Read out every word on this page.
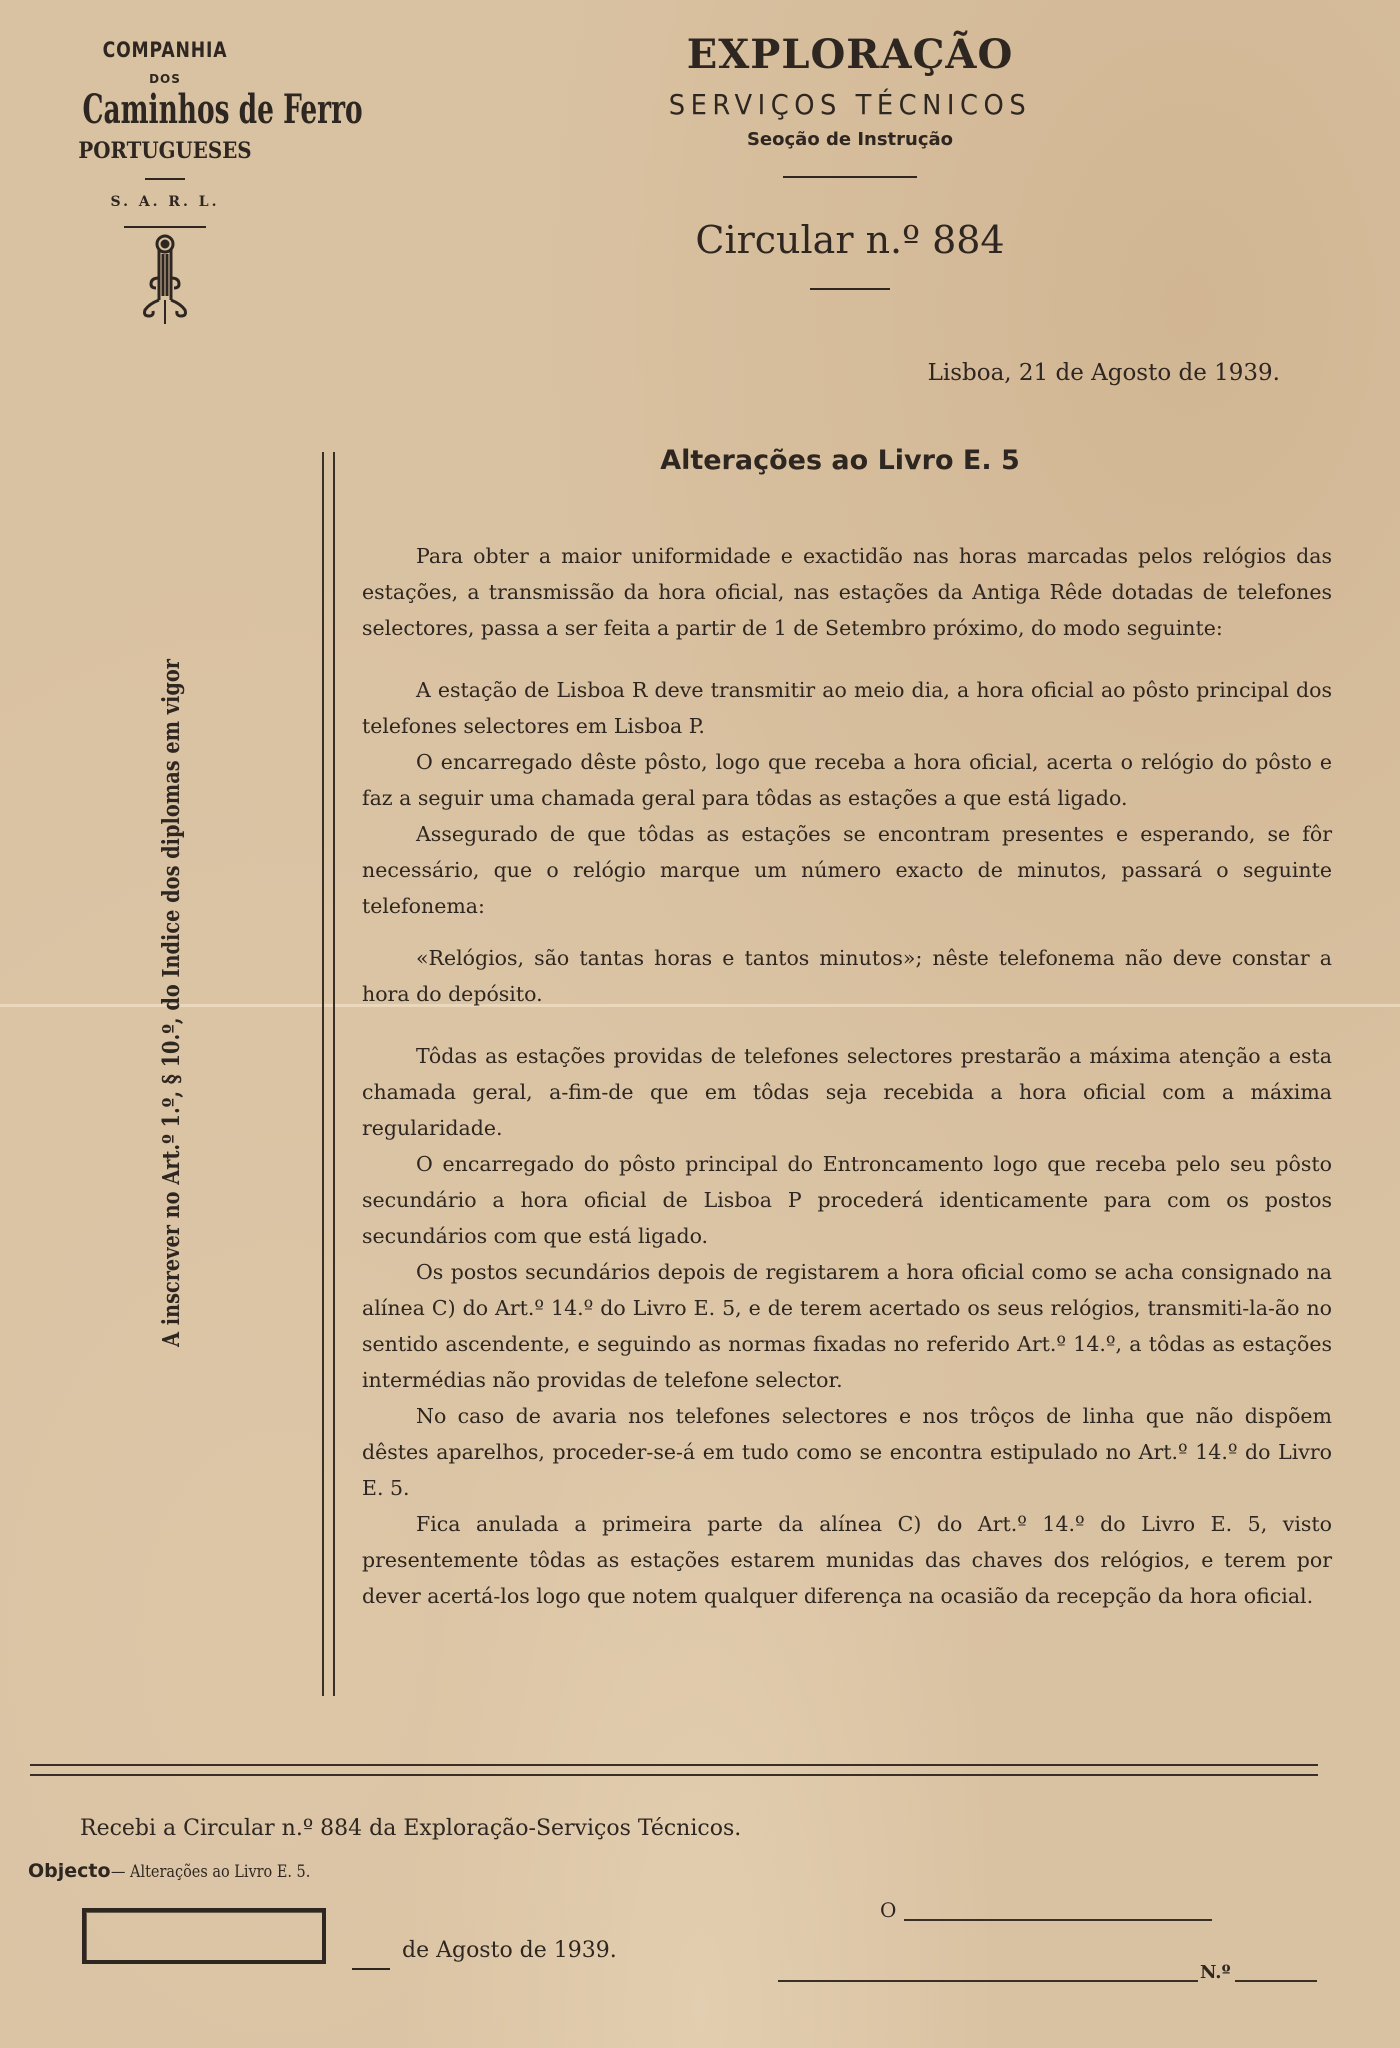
COMPANHIA
DOS
Caminhos de Ferro
PORTUGUESES
S. A. R. L.
EXPLORAÇÃO
SERVIÇOS TÉCNICOS
Seoção de Instrução
Circular n.º 884
Lisboa, 21 de Agosto de 1939.
A inscrever no Art.º 1.º, § 10.º, do Indice dos diplomas em vigor
Alterações ao Livro E. 5

Para obter a maior uniformidade e exactidão nas horas marcadas pelos relógios das estações, a transmissão da hora oficial, nas estações da Antiga Rêde dotadas de telefones selectores, passa a ser feita a partir de 1 de Setembro próximo, do modo seguinte:

A estação de Lisboa R deve transmitir ao meio dia, a hora oficial ao pôsto principal dos telefones selectores em Lisboa P.

O encarregado dêste pôsto, logo que receba a hora oficial, acerta o relógio do pôsto e faz a seguir uma chamada geral para tôdas as estações a que está ligado.

Assegurado de que tôdas as estações se encontram presentes e esperando, se fôr necessário, que o relógio marque um número exacto de minutos, passará o seguinte telefonema:

«Relógios, são tantas horas e tantos minutos»; nêste telefonema não deve constar a hora do depósito.

Tôdas as estações providas de telefones selectores prestarão a máxima atenção a esta chamada geral, a-fim-de que em tôdas seja recebida a hora oficial com a máxima regularidade.

O encarregado do pôsto principal do Entroncamento logo que receba pelo seu pôsto secundário a hora oficial de Lisboa P procederá identicamente para com os postos secundários com que está ligado.

Os postos secundários depois de registarem a hora oficial como se acha consignado na alínea C) do Art.º 14.º do Livro E. 5, e de terem acertado os seus relógios, transmiti-la-ão no sentido ascendente, e seguindo as normas fixadas no referido Art.º 14.º, a tôdas as estações intermédias não providas de telefone selector.

No caso de avaria nos telefones selectores e nos trôços de linha que não dispõem dêstes aparelhos, proceder-se-á em tudo como se encontra estipulado no Art.º 14.º do Livro E. 5.

Fica anulada a primeira parte da alínea C) do Art.º 14.º do Livro E. 5, visto presentemente tôdas as estações estarem munidas das chaves dos relógios, e terem por dever acertá-los logo que notem qualquer diferença na ocasião da recepção da hora oficial.

Recebi a Circular n.º 884 da Exploração-Serviços Técnicos.
Objecto— Alterações ao Livro E. 5.
de Agosto de 1939.
O
N.º
